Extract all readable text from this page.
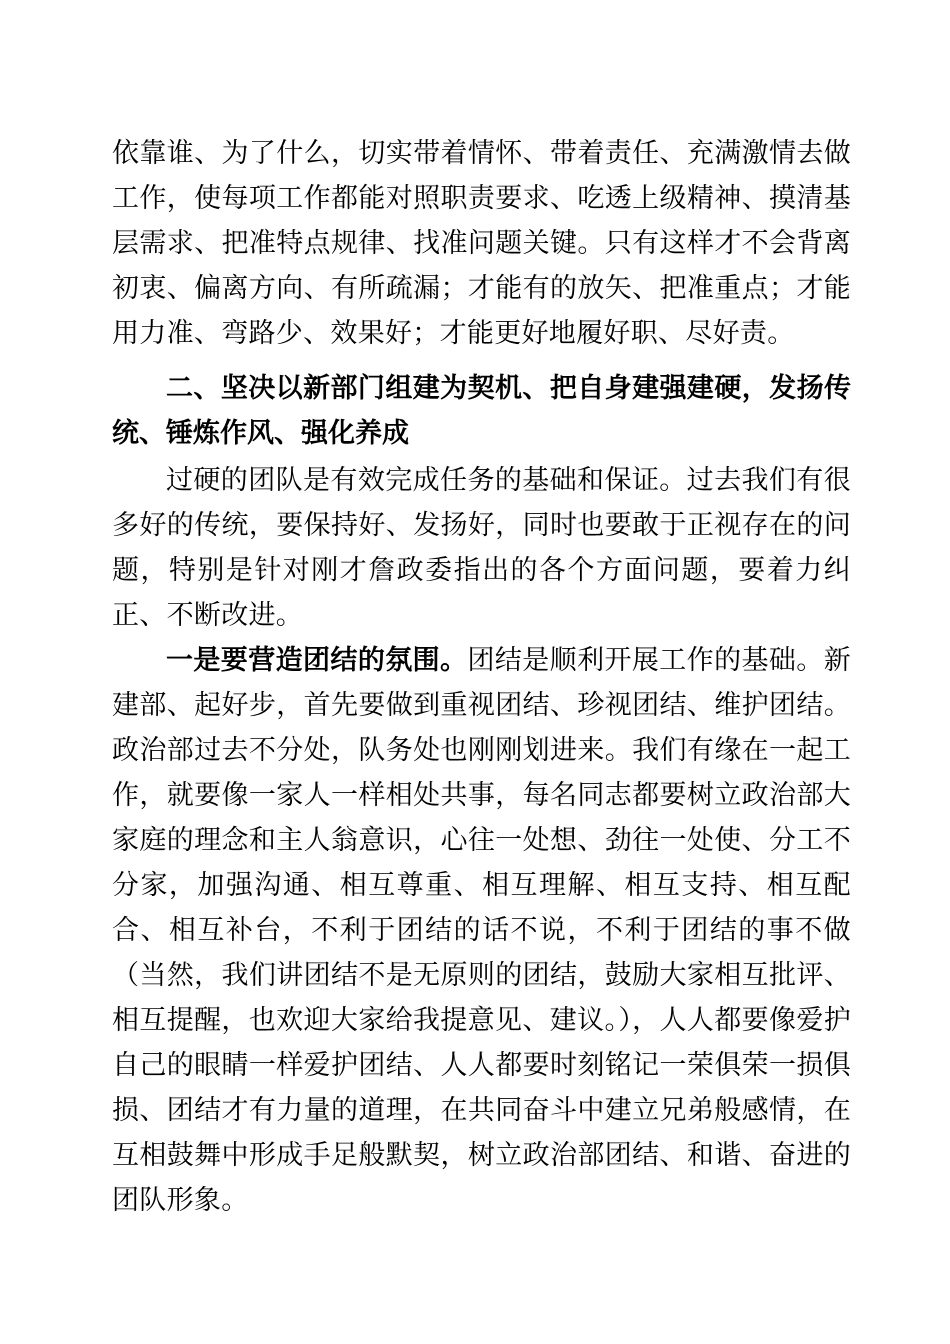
依靠谁、为了什么，切实带着情怀、带着责任、充满激情去做工作，使每项工作都能对照职责要求、吃透上级精神、摸清基层需求、把准特点规律、找准问题关键。只有这样才不会背离初衷、偏离方向、有所疏漏；才能有的放矢、把准重点；才能用力准、弯路少、效果好；才能更好地履好职、尽好责。

二、坚决以新部门组建为契机、把自身建强建硬，发扬传统、锤炼作风、强化养成

过硬的团队是有效完成任务的基础和保证。过去我们有很多好的传统，要保持好、发扬好，同时也要敢于正视存在的问题，特别是针对刚才詹政委指出的各个方面问题，要着力纠正、不断改进。

一是要营造团结的氛围。团结是顺利开展工作的基础。新建部、起好步，首先要做到重视团结、珍视团结、维护团结。政治部过去不分处，队务处也刚刚划进来。我们有缘在一起工作，就要像一家人一样相处共事，每名同志都要树立政治部大家庭的理念和主人翁意识，心往一处想、劲往一处使、分工不分家，加强沟通、相互尊重、相互理解、相互支持、相互配合、相互补台，不利于团结的话不说，不利于团结的事不做（当然，我们讲团结不是无原则的团结，鼓励大家相互批评、相互提醒，也欢迎大家给我提意见、建议。），人人都要像爱护自己的眼睛一样爱护团结、人人都要时刻铭记一荣俱荣一损俱损、团结才有力量的道理，在共同奋斗中建立兄弟般感情，在互相鼓舞中形成手足般默契，树立政治部团结、和谐、奋进的团队形象。
